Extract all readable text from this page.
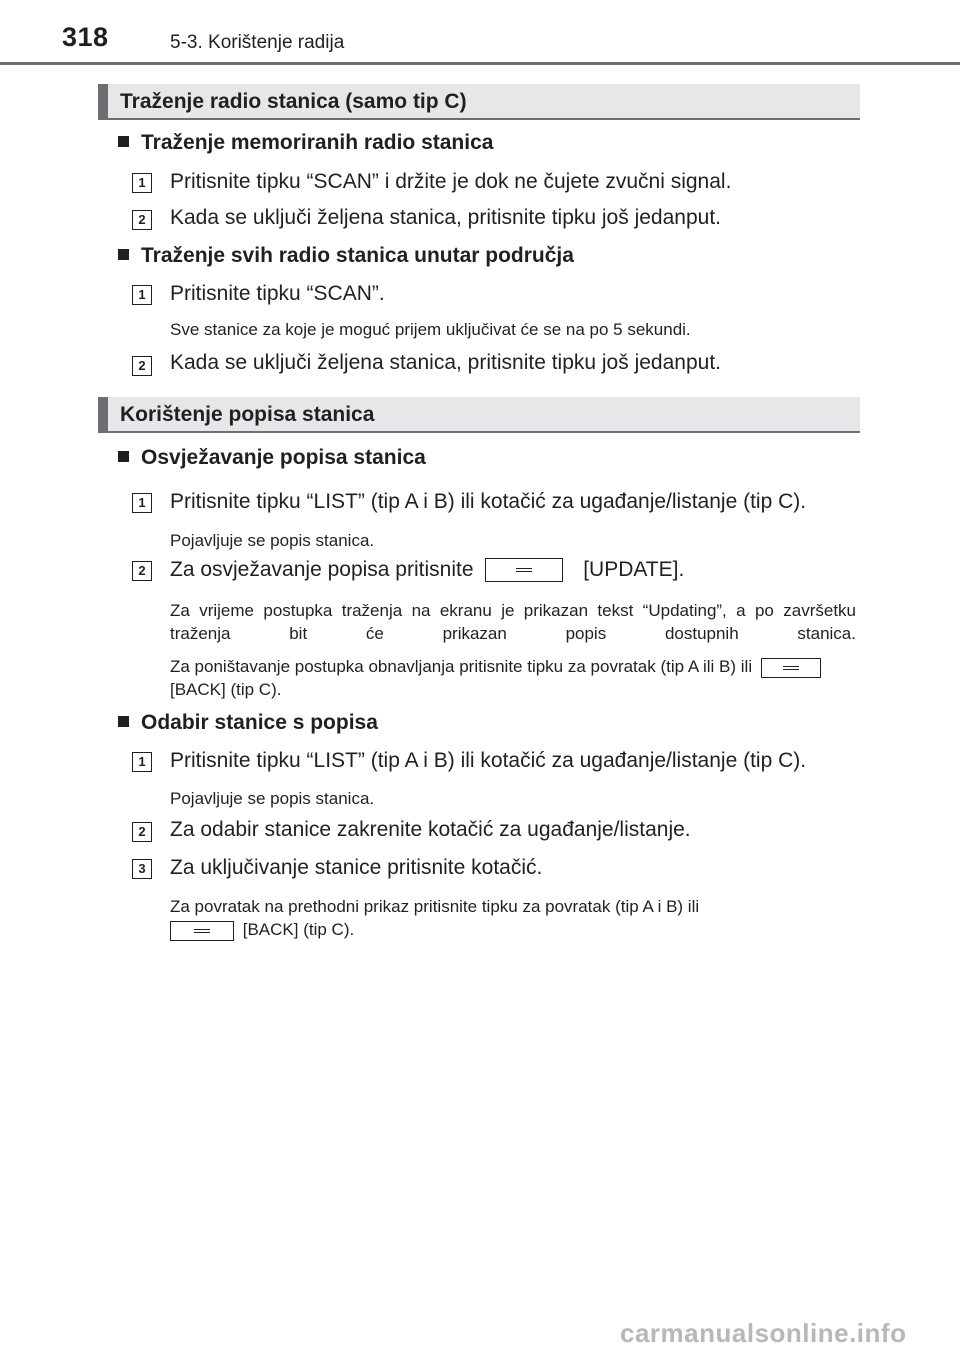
318	5-3. Korištenje radija
Traženje radio stanica (samo tip C)
Traženje memoriranih radio stanica
1	Pritisnite tipku “SCAN” i držite je dok ne čujete zvučni signal.
2	Kada se uključi željena stanica, pritisnite tipku još jedanput.
Traženje svih radio stanica unutar područja
1	Pritisnite tipku “SCAN”.
Sve stanice za koje je moguć prijem uključivat će se na po 5 sekundi.
2	Kada se uključi željena stanica, pritisnite tipku još jedanput.
Korištenje popisa stanica
Osvježavanje popisa stanica
1	Pritisnite tipku “LIST” (tip A i B) ili kotačić za ugađanje/listanje (tip C).
Pojavljuje se popis stanica.
2	Za osvježavanje popisa pritisnite	[UPDATE].
Za vrijeme postupka traženja na ekranu je prikazan tekst “Updating”, a po završetku traženja bit će prikazan popis dostupnih stanica.
Za poništavanje postupka obnavljanja pritisnite tipku za povratak (tip A ili B) ili
[BACK] (tip C).
Odabir stanice s popisa
1	Pritisnite tipku “LIST” (tip A i B) ili kotačić za ugađanje/listanje (tip C).
Pojavljuje se popis stanica.
2	Za odabir stanice zakrenite kotačić za ugađanje/listanje.
3	Za uključivanje stanice pritisnite kotačić.
Za povratak na prethodni prikaz pritisnite tipku za povratak (tip A i B) ili

[BACK] (tip C).
carmanualsonline.info
